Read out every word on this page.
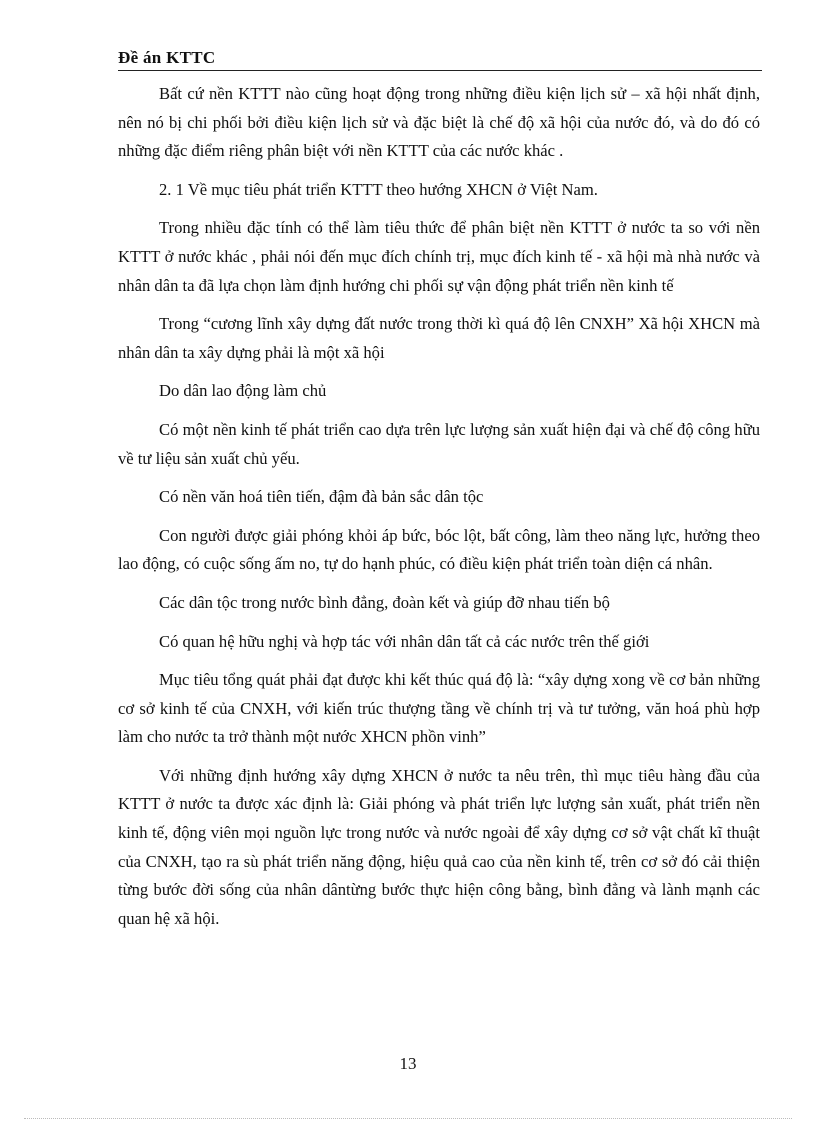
Đề án KTTC

Bất cứ nền KTTT nào cũng hoạt động trong những điều kiện lịch sử – xã hội nhất định, nên nó bị chi phối bởi điều kiện lịch sử và đặc biệt là chế độ xã hội của nước đó, và do đó có những đặc điểm riêng phân biệt với nền KTTT của các nước khác .

2. 1 Về mục tiêu phát triển KTTT theo hướng XHCN ở Việt Nam.

Trong nhiều đặc tính có thể làm tiêu thức để phân biệt nền KTTT ở nước ta so với nền KTTT ở nước khác , phải nói đến mục đích chính trị, mục đích kinh tế - xã hội mà nhà nước và nhân dân ta đã lựa chọn làm định hướng chi phối sự vận động phát triển nền kinh tế

Trong “cương lĩnh xây dựng đất nước trong thời kì quá độ lên CNXH” Xã hội XHCN mà nhân dân ta xây dựng phải là một xã hội

Do dân lao động làm chủ

Có một nền kinh tế phát triển cao dựa trên lực lượng sản xuất hiện đại và chế độ công hữu về tư liệu sản xuất chủ yếu.

Có nền văn hoá tiên tiến, đậm đà bản sắc dân tộc

Con người được giải phóng khỏi áp bức, bóc lột, bất công, làm theo năng lực, hưởng theo lao động, có cuộc sống ấm no, tự do hạnh phúc, có điều kiện phát triển toàn diện cá nhân.

Các dân tộc trong nước bình đẳng, đoàn kết và giúp đỡ nhau tiến bộ

Có quan hệ hữu nghị và hợp tác với nhân dân tất cả các nước trên thế giới

Mục tiêu tổng quát phải đạt được khi kết thúc quá độ là: “xây dựng xong về cơ bản những cơ sở kinh tế của CNXH, với kiến trúc thượng tầng về chính trị và tư tưởng, văn hoá phù hợp làm cho nước ta trở thành một nước XHCN phồn vinh”

Với những định hướng xây dựng XHCN ở nước ta nêu trên, thì mục tiêu hàng đầu của KTTT ở nước ta được xác định là: Giải phóng và phát triển lực lượng sản xuất, phát triển nền kinh tế, động viên mọi nguồn lực trong nước và nước ngoài để xây dựng cơ sở vật chất kĩ thuật của CNXH, tạo ra sù phát triển năng động, hiệu quả cao của nền kinh tế, trên cơ sở đó cải thiện từng bước đời sống của nhân dântừng bước thực hiện công bằng, bình đẳng và lành mạnh các quan hệ xã hội.

13
